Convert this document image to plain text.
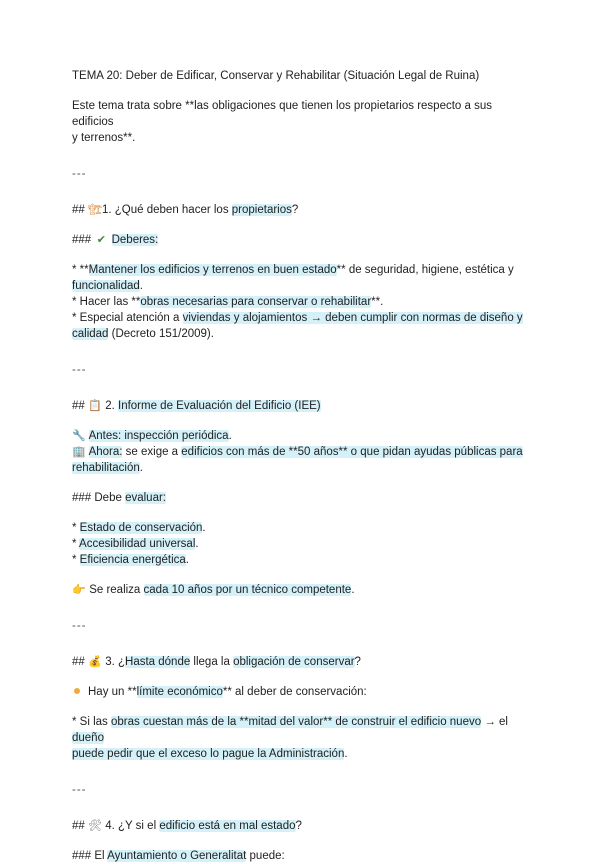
TEMA 20: Deber de Edificar, Conservar y Rehabilitar (Situación Legal de Ruina)

Este tema trata sobre **las obligaciones que tienen los propietarios respecto a sus edificios
y terrenos**.

---

## 🏗1. ¿Qué deben hacer los propietarios?

### ✔ Deberes:

* **Mantener los edificios y terrenos en buen estado** de seguridad, higiene, estética y
funcionalidad.
* Hacer las **obras necesarias para conservar o rehabilitar**.
* Especial atención a viviendas y alojamientos → deben cumplir con normas de diseño y
calidad (Decreto 151/2009).

---

## 📋 2. Informe de Evaluación del Edificio (IEE)

🔧 Antes: inspección periódica.
🏢 Ahora: se exige a edificios con más de **50 años** o que pidan ayudas públicas para
rehabilitación.

### Debe evaluar:

* Estado de conservación.
* Accesibilidad universal.
* Eficiencia energética.

👉 Se realiza cada 10 años por un técnico competente.

---

## 💰 3. ¿Hasta dónde llega la obligación de conservar?

Hay un **límite económico** al deber de conservación:

* Si las obras cuestan más de la **mitad del valor** de construir el edificio nuevo → el dueño
puede pedir que el exceso lo pague la Administración.

---

## 🛠 4. ¿Y si el edificio está en mal estado?

### El Ayuntamiento o Generalitat puede:
